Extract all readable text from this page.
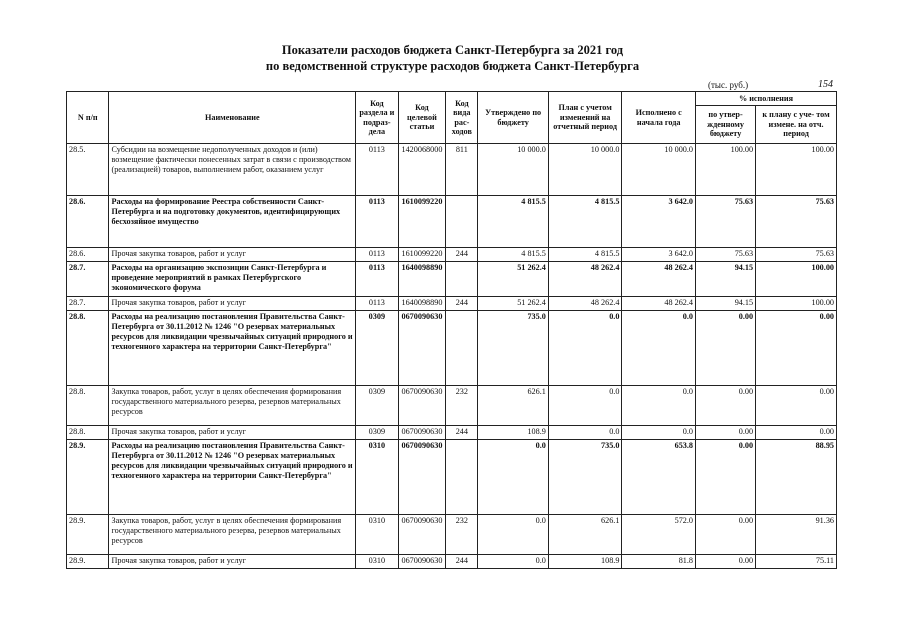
Показатели расходов бюджета Санкт-Петербурга за 2021 год
по ведомственной структуре расходов бюджета Санкт-Петербурга
(тыс. руб.)	154
N п/п	Наименование	Код раздела и подраз- дела	Код целевой статьи	Код вида рас- ходов	Утверждено по бюджету	План с учетом изменений на отчетный период	Исполнено с начала года	% исполнения	
								по утвер- жденному бюджету	к плану с уче- том измене. на отч. период
28.5.	Субсидии на возмещение недополученных доходов и (или) возмещение фактически понесенных затрат в связи с производством (реализацией) товаров, выполнением работ, оказанием услуг	0113	1420068000	811	10 000.0	10 000.0	10 000.0	100.00	100.00
28.6.	Расходы на формирование Реестра собственности Санкт-Петербурга и на подготовку документов, идентифицирующих бесхозяйное имущество	0113	1610099220		4 815.5	4 815.5	3 642.0	75.63	75.63
28.6.	Прочая закупка товаров, работ и услуг	0113	1610099220	244	4 815.5	4 815.5	3 642.0	75.63	75.63
28.7.	Расходы на организацию экспозиции Санкт-Петербурга и проведение мероприятий в рамках Петербургского экономического форума	0113	1640098890		51 262.4	48 262.4	48 262.4	94.15	100.00
28.7.	Прочая закупка товаров, работ и услуг	0113	1640098890	244	51 262.4	48 262.4	48 262.4	94.15	100.00
28.8.	Расходы на реализацию постановления Правительства Санкт-Петербурга от 30.11.2012 № 1246 "О резервах материальных ресурсов для ликвидации чрезвычайных ситуаций природного и техногенного характера на территории Санкт-Петербурга"	0309	0670090630		735.0	0.0	0.0	0.00	0.00
28.8.	Закупка товаров, работ, услуг в целях обеспечения формирования государственного материального резерва, резервов материальных ресурсов	0309	0670090630	232	626.1	0.0	0.0	0.00	0.00
28.8.	Прочая закупка товаров, работ и услуг	0309	0670090630	244	108.9	0.0	0.0	0.00	0.00
28.9.	Расходы на реализацию постановления Правительства Санкт-Петербурга от 30.11.2012 № 1246 "О резервах материальных ресурсов для ликвидации чрезвычайных ситуаций природного и техногенного характера на территории Санкт-Петербурга"	0310	0670090630		0.0	735.0	653.8	0.00	88.95
28.9.	Закупка товаров, работ, услуг в целях обеспечения формирования государственного материального резерва, резервов материальных ресурсов	0310	0670090630	232	0.0	626.1	572.0	0.00	91.36
28.9.	Прочая закупка товаров, работ и услуг	0310	0670090630	244	0.0	108.9	81.8	0.00	75.11
